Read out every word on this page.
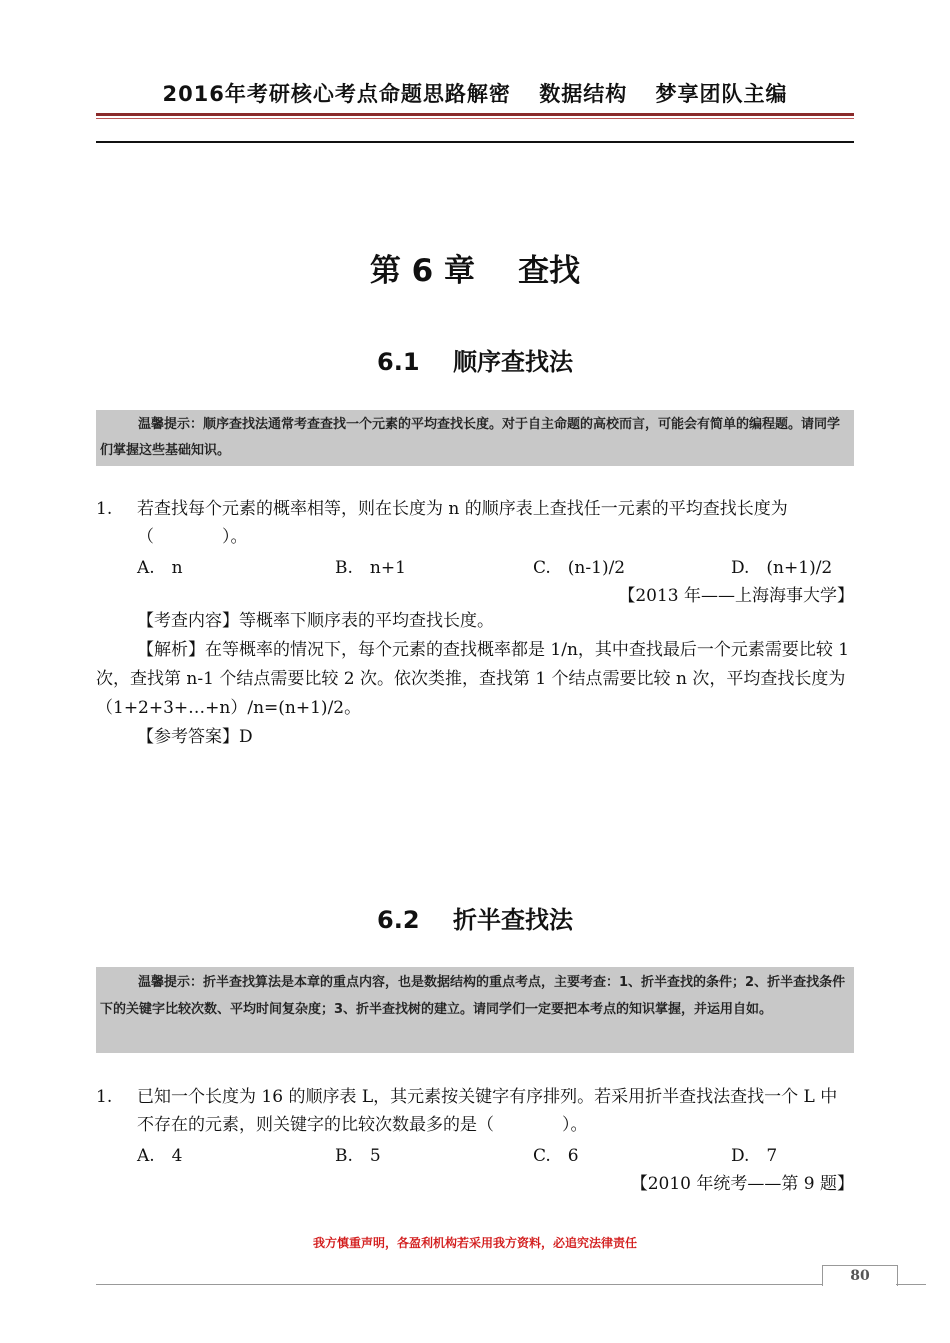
2016年考研核心考点命题思路解密 数据结构 梦享团队主编
第 6 章    查找
6.1    顺序查找法
温馨提示：顺序查找法通常考查查找一个元素的平均查找长度。对于自主命题的高校而言，可能会有简单的编程题。请同学们掌握这些基础知识。
1. 若查找每个元素的概率相等，则在长度为 n 的顺序表上查找任一元素的平均查找长度为（　　　　）。
A.　n	B.　n+1	C.　(n-1)/2	D.　(n+1)/2
【2013 年——上海海事大学】
【考查内容】等概率下顺序表的平均查找长度。
【解析】在等概率的情况下，每个元素的查找概率都是 1/n，其中查找最后一个元素需要比较 1 次，查找第 n-1 个结点需要比较 2 次。依次类推，查找第 1 个结点需要比较 n 次，平均查找长度为（1+2+3+…+n）/n=(n+1)/2。
【参考答案】D
6.2    折半查找法
温馨提示：折半查找算法是本章的重点内容，也是数据结构的重点考点，主要考查：1、折半查找的条件；2、折半查找条件下的关键字比较次数、平均时间复杂度；3、折半查找树的建立。请同学们一定要把本考点的知识掌握，并运用自如。
1. 已知一个长度为 16 的顺序表 L，其元素按关键字有序排列。若采用折半查找法查找一个 L 中不存在的元素，则关键字的比较次数最多的是（　　　　）。
A.　4	B.　5	C.　6	D.　7
【2010 年统考——第 9 题】
我方慎重声明，各盈利机构若采用我方资料，必追究法律责任
80
